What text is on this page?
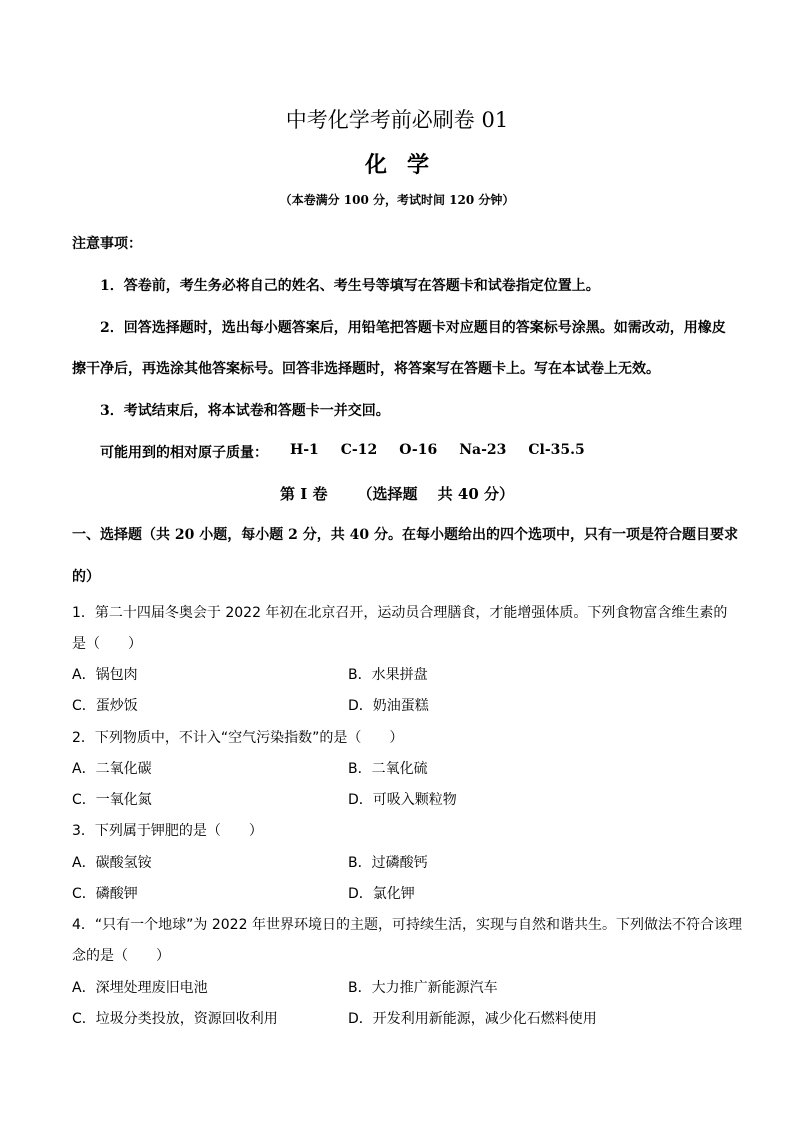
中考化学考前必刷卷 01
化学
（本卷满分 100 分，考试时间 120 分钟）
注意事项：
1．答卷前，考生务必将自己的姓名、考生号等填写在答题卡和试卷指定位置上。
2．回答选择题时，选出每小题答案后，用铅笔把答题卡对应题目的答案标号涂黑。如需改动，用橡皮
擦干净后，再选涂其他答案标号。回答非选择题时，将答案写在答题卡上。写在本试卷上无效。
3．考试结束后，将本试卷和答题卡一并交回。
可能用到的相对原子质量： H-1 C-12 O-16 Na-23 Cl-35.5
第 I 卷 （选择题　 共 40 分）
一、选择题（共 20 小题，每小题 2 分，共 40 分。在每小题给出的四个选项中，只有一项是符合题目要求
的）
1．第二十四届冬奥会于 2022 年初在北京召开，运动员合理膳食，才能增强体质。下列食物富含维生素的
是（　　）
A．锅包肉	B．水果拼盘
C．蛋炒饭	D．奶油蛋糕
2．下列物质中，不计入“空气污染指数”的是（　　）
A．二氧化碳	B．二氧化硫
C．一氧化氮	D．可吸入颗粒物
3．下列属于钾肥的是（　　）
A．碳酸氢铵	B．过磷酸钙
C．磷酸钾	D．氯化钾
4．“只有一个地球”为 2022 年世界环境日的主题，可持续生活，实现与自然和谐共生。下列做法不符合该理
念的是（　　）
A．深埋处理废旧电池	B．大力推广新能源汽车
C．垃圾分类投放，资源回收利用	D．开发利用新能源，减少化石燃料使用
